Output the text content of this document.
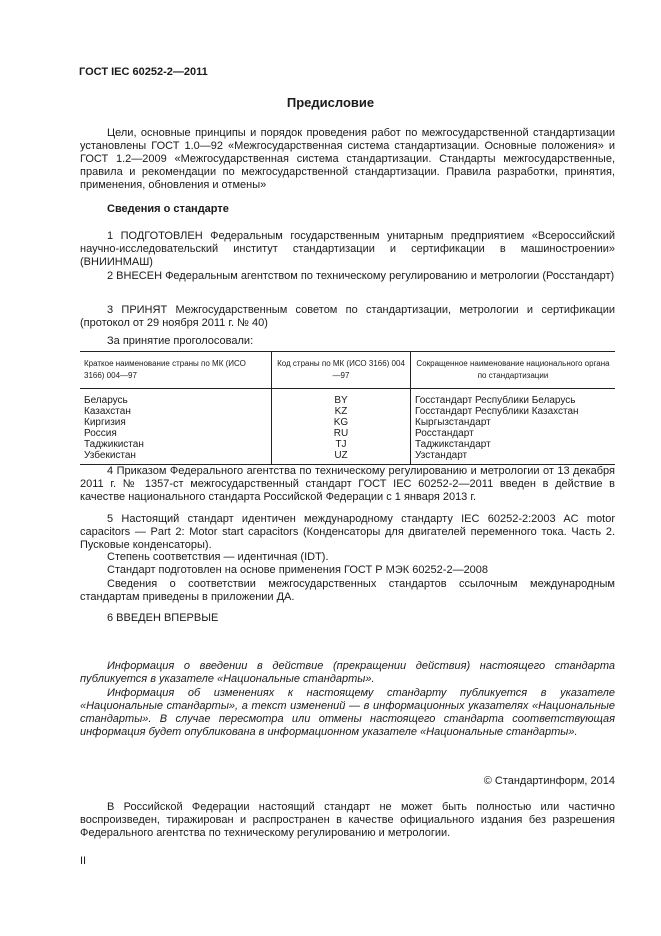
ГОСТ IEC 60252-2—2011
Предисловие
Цели, основные принципы и порядок проведения работ по межгосударственной стандартизации установлены ГОСТ 1.0—92 «Межгосударственная система стандартизации. Основные положения» и ГОСТ 1.2—2009 «Межгосударственная система стандартизации. Стандарты межгосударственные, правила и рекомендации по межгосударственной стандартизации. Правила разработки, принятия, применения, обновления и отмены»
Сведения о стандарте
1 ПОДГОТОВЛЕН Федеральным государственным унитарным предприятием «Всероссийский научно-исследовательский институт стандартизации и сертификации в машиностроении» (ВНИИНМАШ)
2 ВНЕСЕН Федеральным агентством по техническому регулированию и метрологии (Росстандарт)
3 ПРИНЯТ Межгосударственным советом по стандартизации, метрологии и сертификации (протокол от 29 ноября 2011 г. № 40)
За принятие проголосовали:
Краткое наименование страны по МК (ИСО 3166) 004—97	Код страны по МК (ИСО 3166) 004—97	Сокращенное наименование национального органа по стандартизации
Беларусь	BY	Госстандарт Республики Беларусь
Казахстан	KZ	Госстандарт Республики Казахстан
Киргизия	KG	Кыргызстандарт
Россия	RU	Росстандарт
Таджикистан	TJ	Таджикстандарт
Узбекистан	UZ	Узстандарт
4 Приказом Федерального агентства по техническому регулированию и метрологии от 13 декабря 2011 г. № 1357-ст межгосударственный стандарт ГОСТ IEC 60252-2—2011 введен в действие в качестве национального стандарта Российской Федерации с 1 января 2013 г.
5 Настоящий стандарт идентичен международному стандарту IEC 60252-2:2003 AC motor capacitors — Part 2: Motor start capacitors (Конденсаторы для двигателей переменного тока. Часть 2. Пусковые конденсаторы).
Степень соответствия — идентичная (IDT).
Стандарт подготовлен на основе применения ГОСТ Р МЭК 60252-2—2008
Сведения о соответствии межгосударственных стандартов ссылочным международным стандартам приведены в приложении ДА.
6 ВВЕДЕН ВПЕРВЫЕ
Информация о введении в действие (прекращении действия) настоящего стандарта публикуется в указателе «Национальные стандарты».
Информация об изменениях к настоящему стандарту публикуется в указателе «Национальные стандарты», а текст изменений — в информационных указателях «Национальные стандарты». В случае пересмотра или отмены настоящего стандарта соответствующая информация будет опубликована в информационном указателе «Национальные стандарты».
© Стандартинформ, 2014
В Российской Федерации настоящий стандарт не может быть полностью или частично воспроизведен, тиражирован и распространен в качестве официального издания без разрешения Федерального агентства по техническому регулированию и метрологии.
II
